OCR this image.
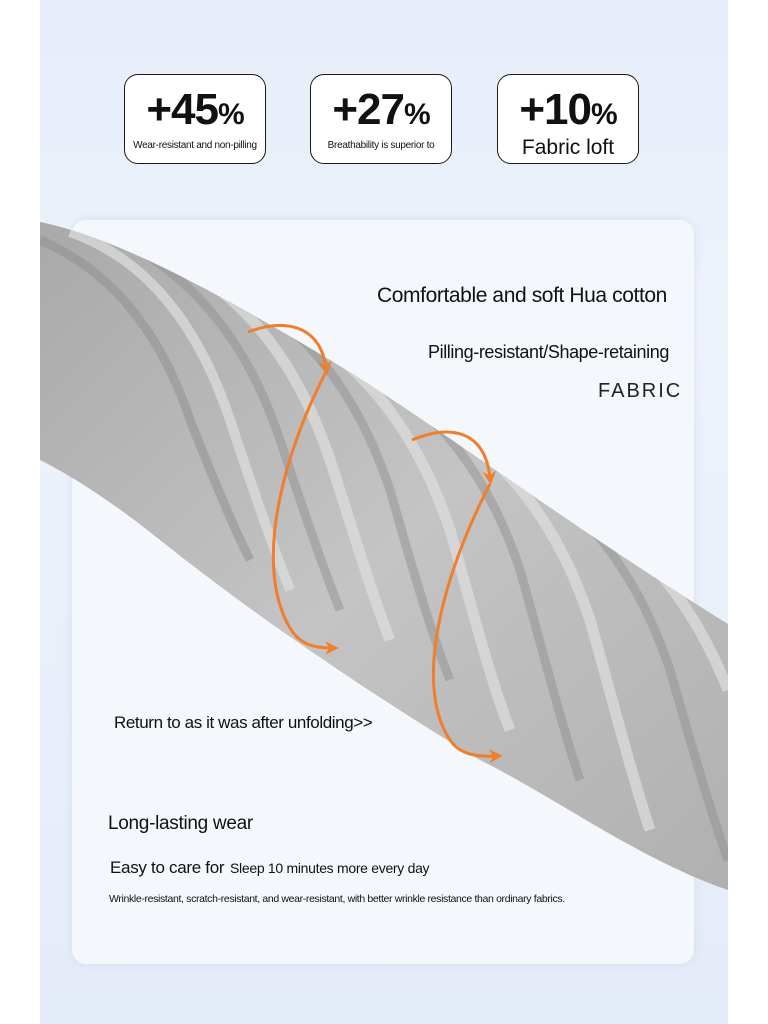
+45%
Wear-resistant and non-pilling
+27%
Breathability is superior to
+10%
Fabric loft
Comfortable and soft Hua cotton
Pilling-resistant/Shape-retaining
FABRIC
Return to as it was after unfolding>>
Long-lasting wear
Easy to care for Sleep 10 minutes more every day
Wrinkle-resistant, scratch-resistant, and wear-resistant, with better wrinkle resistance than ordinary fabrics.
